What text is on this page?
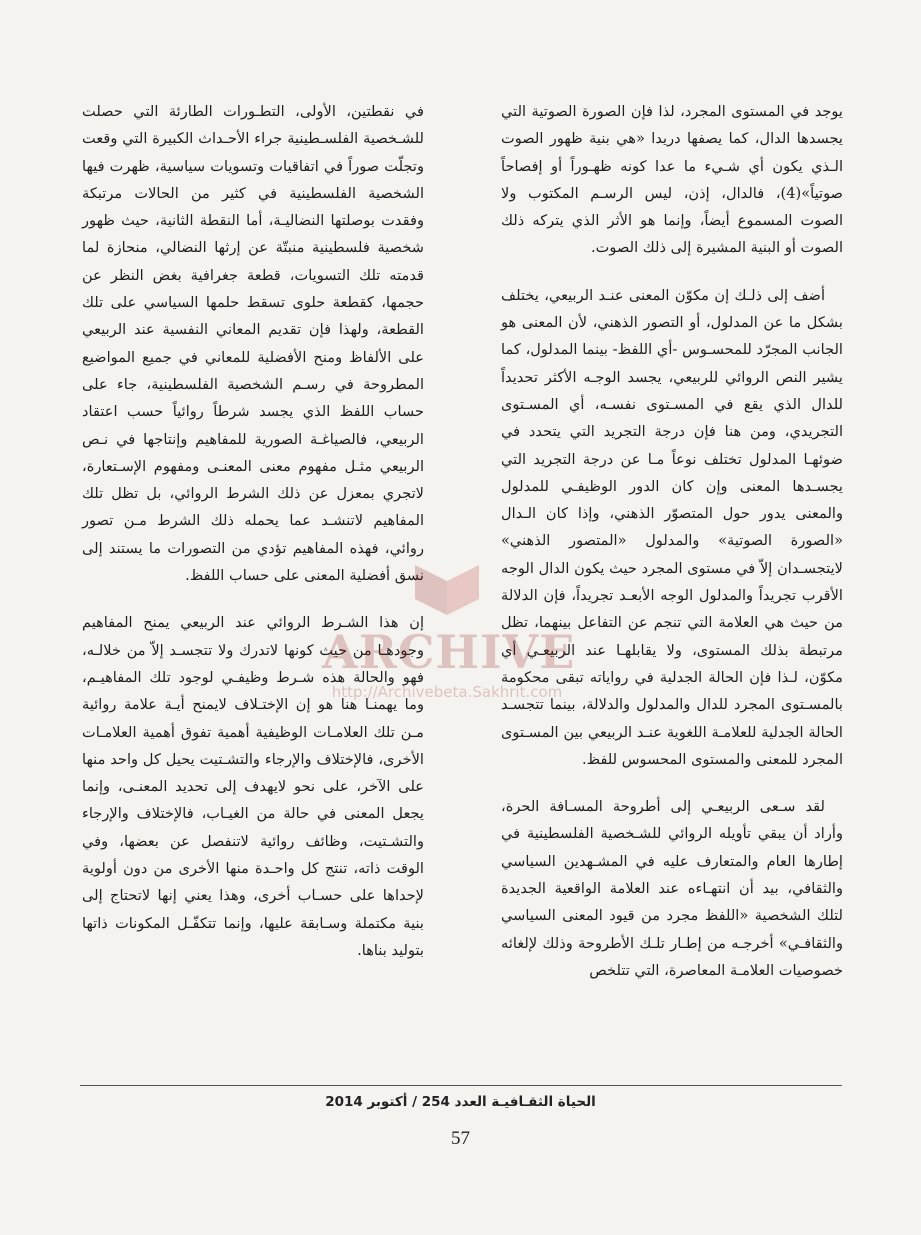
يوجد في المستوى المجرد، لذا فإن الصورة الصوتية التي يجسدها الدال، كما يصفها دريدا «هي بنية ظهور الصوت الـذي يكون أي شـيء ما عدا كونه ظهـوراً أو إفصاحاً صوتياً»(4)، فالدال، إذن، ليس الرسـم المكتوب ولا الصوت المسموع أيضاً، وإنما هو الأثر الذي يتركه ذلك الصوت أو البنية المشيرة إلى ذلك الصوت.

أضف إلى ذلـك إن مكوّن المعنى عنـد الربيعي، يختلف بشكل ما عن المدلول، أو التصور الذهني، لأن المعنى هو الجانب المجرّد للمحسـوس -أي اللفظ- بينما المدلول، كما يشير النص الروائي للربيعي، يجسد الوجـه الأكثر تحديداً للدال الذي يقع في المسـتوى نفسـه، أي المسـتوى التجريدي، ومن هنا فإن درجة التجريد التي يتحدد في ضوئهـا المدلول تختلف نوعاً مـا عن درجة التجريد التي يجسـدها المعنى وإن كان الدور الوظيفـي للمدلول والمعنى يدور حول المتصوّر الذهني، وإذا كان الـدال «الصورة الصوتية» والمدلول «المتصور الذهني» لايتجسـدان إلاّ في مستوى المجرد حيث يكون الدال الوجه الأقرب تجريداً والمدلول الوجه الأبعـد تجريداً، فإن الدلالة من حيث هي العلامة التي تنجم عن التفاعل بينهما، تظل مرتبطة بذلك المستوى، ولا يقابلهـا عند الربيعـي أي مكوّن، لـذا فإن الحالة الجدلية في رواياته تبقى محكومة بالمسـتوى المجرد للدال والمدلول والدلالة، بينما تتجسـد الحالة الجدلية للعلامـة اللغوية عنـد الربيعي بين المسـتوى المجرد للمعنى والمستوى المحسوس للفظ.

لقد سـعى الربيعـي إلى أطروحة المسـافة الحرة، وأراد أن يبقي تأويله الروائي للشـخصية الفلسطينية في إطارها العام والمتعارف عليه في المشـهدين السياسي والثقافي، بيد أن انتهـاءه عند العلامة الواقعية الجديدة لتلك الشخصية «اللفظ مجرد من قيود المعنى السياسي والثقافـي» أخرجـه من إطـار تلـك الأطروحة وذلك لإلغائه خصوصيات العلامـة المعاصرة، التي تتلخص

في نقطتين، الأولى، التطـورات الطارئة التي حصلت للشـخصية الفلسـطينية جراء الأحـداث الكبيرة التي وقعت وتجلّت صوراً في اتفاقيات وتسويات سياسية، ظهرت فيها الشخصية الفلسطينية في كثير من الحالات مرتبكة وفقدت بوصلتها النضاليـة، أما النقطة الثانية، حيث ظهور شخصية فلسطينية منبتّة عن إرثها النضالي، منحازة لما قدمته تلك التسويات، قطعة جغرافية بغض النظر عن حجمها، كقطعة حلوى تسقط حلمها السياسي على تلك القطعة، ولهذا فإن تقديم المعاني النفسية عند الربيعي على الألفاظ ومنح الأفضلية للمعاني في جميع المواضيع المطروحة في رسـم الشخصية الفلسطينية، جاء على حساب اللفظ الذي يجسد شرطاً روائياً حسب اعتقاد الربيعي، فالصياغـة الصورية للمفاهيم وإنتاجها في نـص الربيعي مثـل مفهوم معنى المعنـى ومفهوم الإسـتعارة، لاتجري بمعزل عن ذلك الشرط الروائي، بل تظل تلك المفاهيم لاتنشـد عما يحمله ذلك الشرط مـن تصور روائي، فهذه المفاهيم تؤدي من التصورات ما يستند إلى نسق أفضلية المعنى على حساب اللفظ.

إن هذا الشـرط الروائي عند الربيعي يمنح المفاهيم وجودهـا من حيث كونها لاتدرك ولا تتجسـد إلاّ من خلالـه، فهو والحالة هذه شـرط وظيفـي لوجود تلك المفاهيـم، وما يهمنـا هنا هو إن الإختـلاف لايمنح أيـة علامة روائية مـن تلك العلامـات الوظيفية أهمية تفوق أهمية العلامـات الأخرى، فالإختلاف والإرجاء والتشـتيت يحيل كل واحد منها على الآخر، على نحو لايهدف إلى تحديد المعنـى، وإنما يجعل المعنى في حالة من الغيـاب، فالإختلاف والإرجاء والتشـتيت، وظائف روائية لاتنفصل عن بعضها، وفي الوقت ذاته، تنتج كل واحـدة منها الأخرى من دون أولوية لإحداها على حسـاب أخرى، وهذا يعني إنها لاتحتاج إلى بنية مكتملة وسـابقة عليها، وإنما تتكفّـل المكونات ذاتها بتوليد بناها.

ARCHIVE
http://Archivebeta.Sakhrit.com
الحياة الثقـافيـة العدد 254 / أكتوبر 2014
57
